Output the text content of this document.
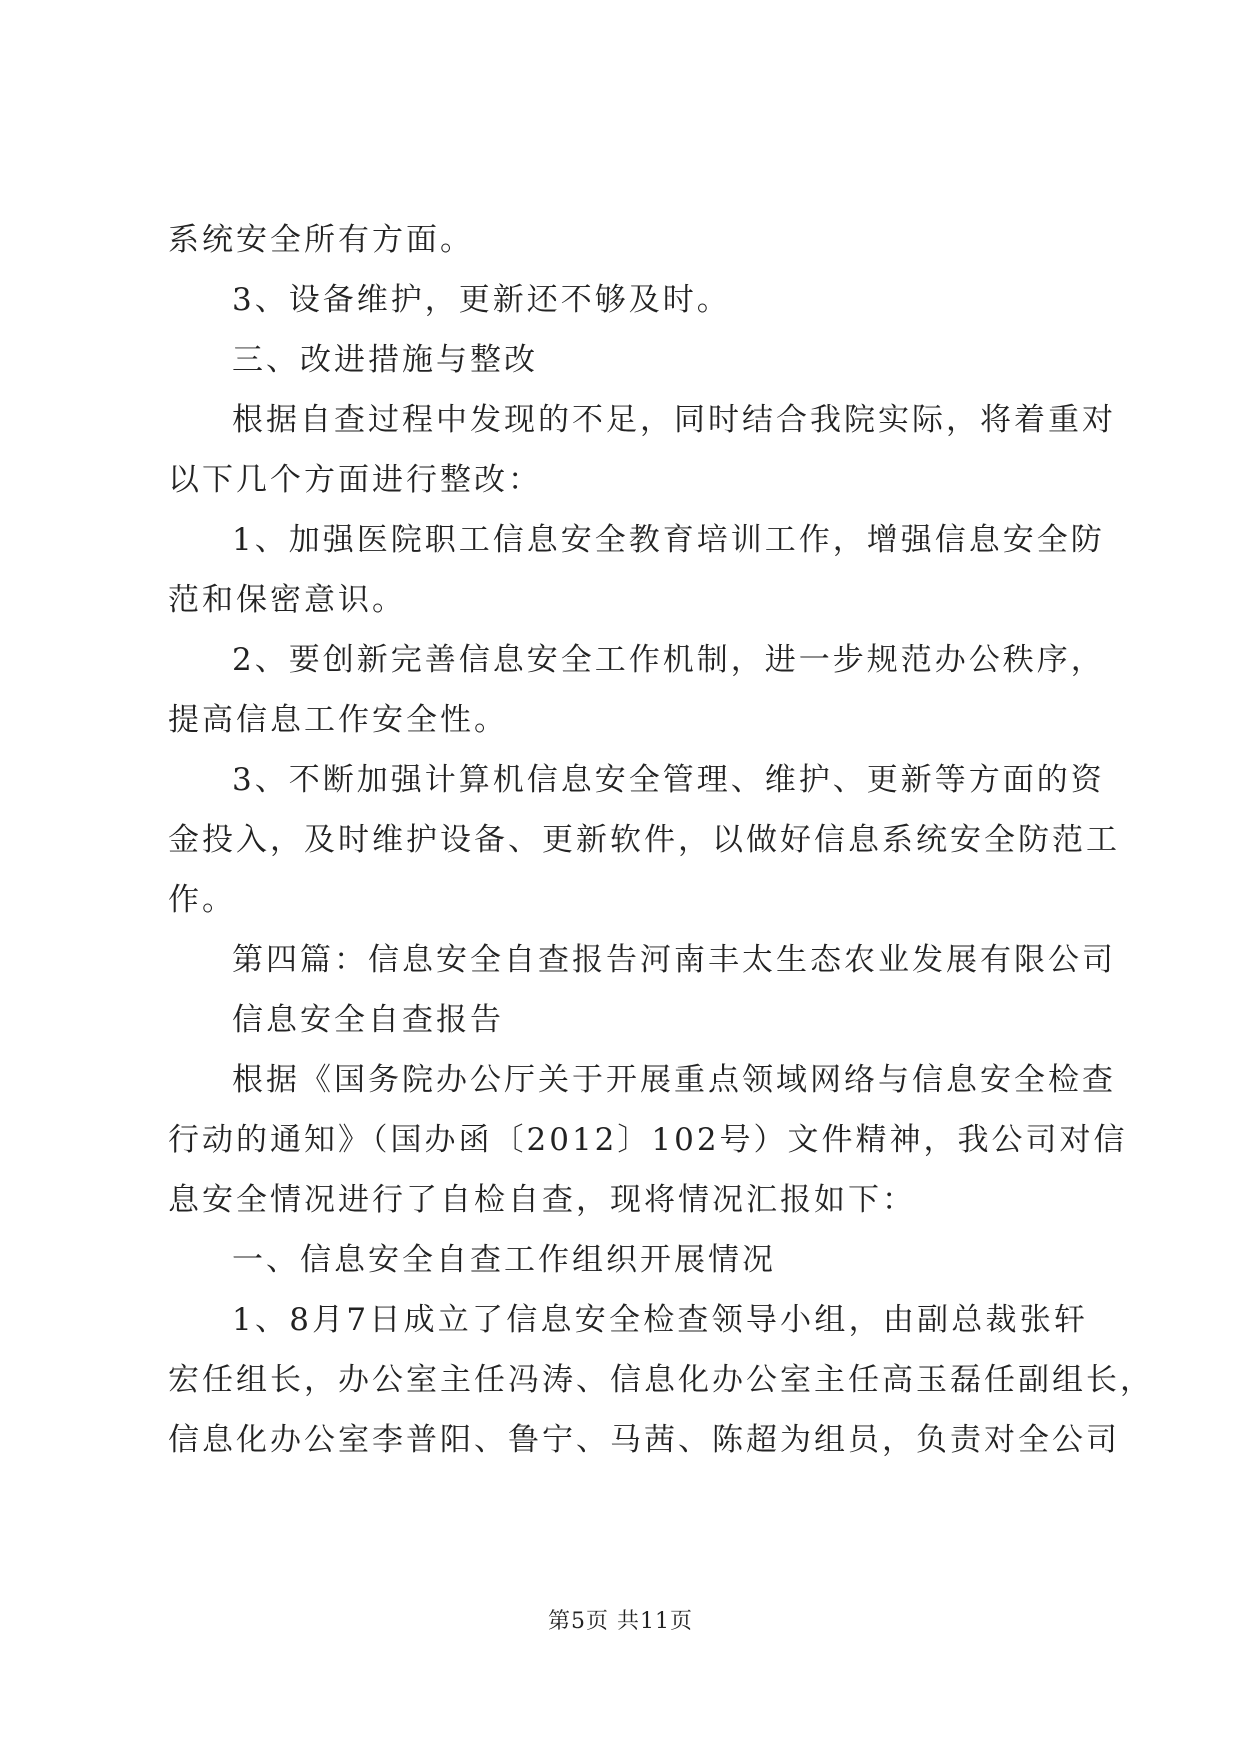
系统安全所有方面。
3、设备维护，更新还不够及时。
三、改进措施与整改
根据自查过程中发现的不足，同时结合我院实际，将着重对
以下几个方面进行整改：
1、加强医院职工信息安全教育培训工作，增强信息安全防
范和保密意识。
2、要创新完善信息安全工作机制，进一步规范办公秩序，
提高信息工作安全性。
3、不断加强计算机信息安全管理、维护、更新等方面的资
金投入，及时维护设备、更新软件，以做好信息系统安全防范工
作。
第四篇：信息安全自查报告河南丰太生态农业发展有限公司
信息安全自查报告
根据《国务院办公厅关于开展重点领域网络与信息安全检查
行动的通知》（国办函〔2012〕102号）文件精神，我公司对信
息安全情况进行了自检自查，现将情况汇报如下：
一、信息安全自查工作组织开展情况
1、8月7日成立了信息安全检查领导小组，由副总裁张轩
宏任组长，办公室主任冯涛、信息化办公室主任高玉磊任副组长，
信息化办公室李普阳、鲁宁、马茜、陈超为组员，负责对全公司
第5页 共11页
